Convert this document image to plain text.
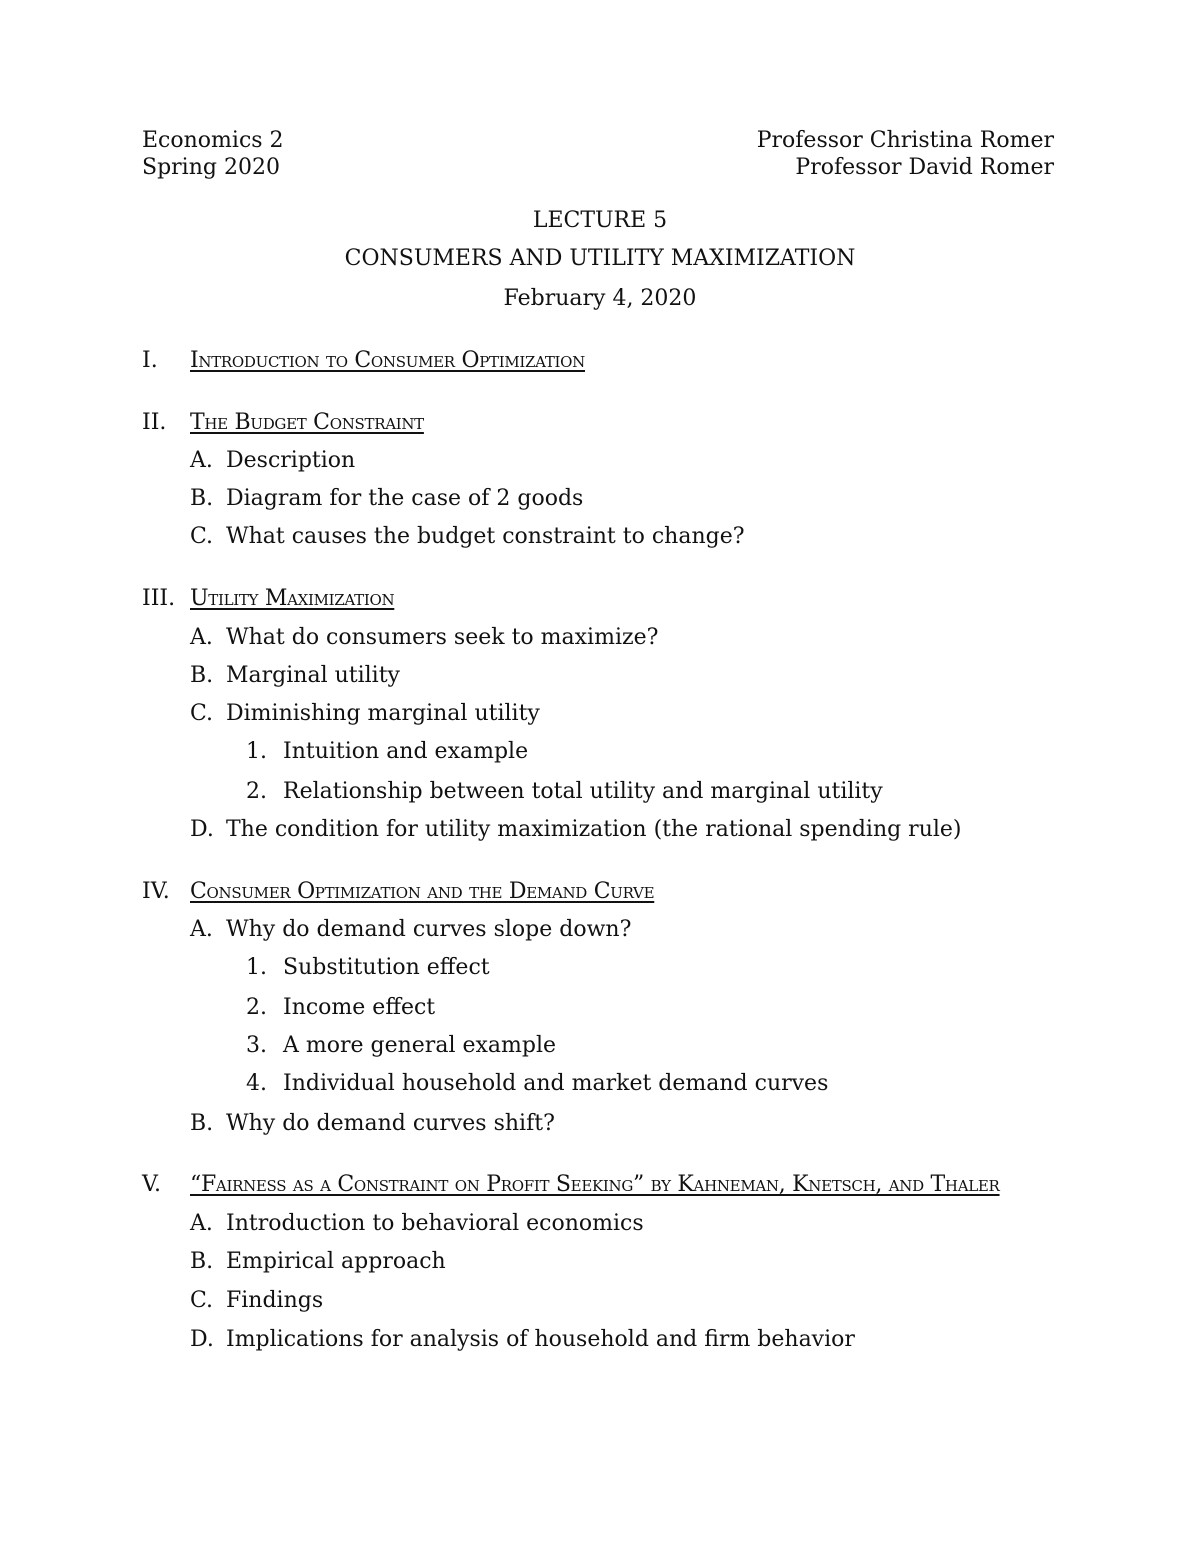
Economics 2
Spring 2020
Professor Christina Romer
Professor David Romer
LECTURE 5
CONSUMERS AND UTILITY MAXIMIZATION
February 4, 2020
I. Introduction to Consumer Optimization
II. The Budget Constraint
A. Description
B. Diagram for the case of 2 goods
C. What causes the budget constraint to change?
III. Utility Maximization
A. What do consumers seek to maximize?
B. Marginal utility
C. Diminishing marginal utility
1. Intuition and example
2. Relationship between total utility and marginal utility
D. The condition for utility maximization (the rational spending rule)
IV. Consumer Optimization and the Demand Curve
A. Why do demand curves slope down?
1. Substitution effect
2. Income effect
3. A more general example
4. Individual household and market demand curves
B. Why do demand curves shift?
V. “Fairness as a Constraint on Profit Seeking” by Kahneman, Knetsch, and Thaler
A. Introduction to behavioral economics
B. Empirical approach
C. Findings
D. Implications for analysis of household and firm behavior
